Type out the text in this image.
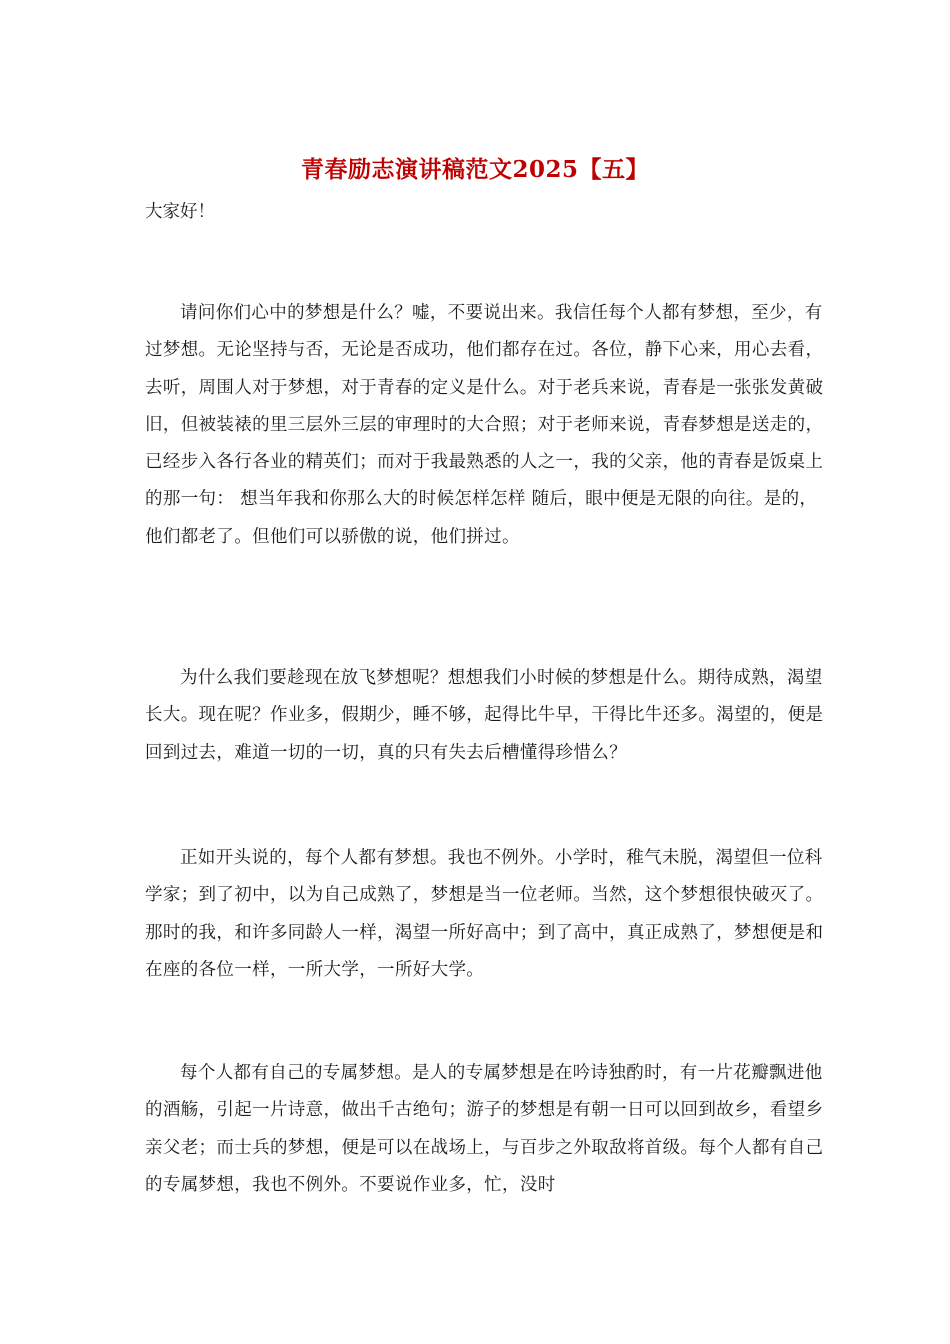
青春励志演讲稿范文2025【五】
大家好！

请问你们心中的梦想是什么？嘘，不要说出来。我信任每个人都有梦想，至少，有过梦想。无论坚持与否，无论是否成功，他们都存在过。各位，静下心来，用心去看，去听，周围人对于梦想，对于青春的定义是什么。对于老兵来说，青春是一张张发黄破旧，但被装裱的里三层外三层的审理时的大合照；对于老师来说，青春梦想是送走的，已经步入各行各业的精英们；而对于我最熟悉的人之一，我的父亲，他的青春是饭桌上的那一句： 想当年我和你那么大的时候怎样怎样 随后，眼中便是无限的向往。是的，他们都老了。但他们可以骄傲的说，他们拼过。

为什么我们要趁现在放飞梦想呢？想想我们小时候的梦想是什么。期待成熟，渴望长大。现在呢？作业多，假期少，睡不够，起得比牛早，干得比牛还多。渴望的，便是回到过去，难道一切的一切，真的只有失去后槽懂得珍惜么？

正如开头说的，每个人都有梦想。我也不例外。小学时，稚气未脱，渴望但一位科学家；到了初中，以为自己成熟了，梦想是当一位老师。当然，这个梦想很快破灭了。那时的我，和许多同龄人一样，渴望一所好高中；到了高中，真正成熟了，梦想便是和在座的各位一样，一所大学，一所好大学。

每个人都有自己的专属梦想。是人的专属梦想是在吟诗独酌时，有一片花瓣飘进他的酒觞，引起一片诗意，做出千古绝句；游子的梦想是有朝一日可以回到故乡，看望乡亲父老；而士兵的梦想，便是可以在战场上，与百步之外取敌将首级。每个人都有自己的专属梦想，我也不例外。不要说作业多，忙，没时
